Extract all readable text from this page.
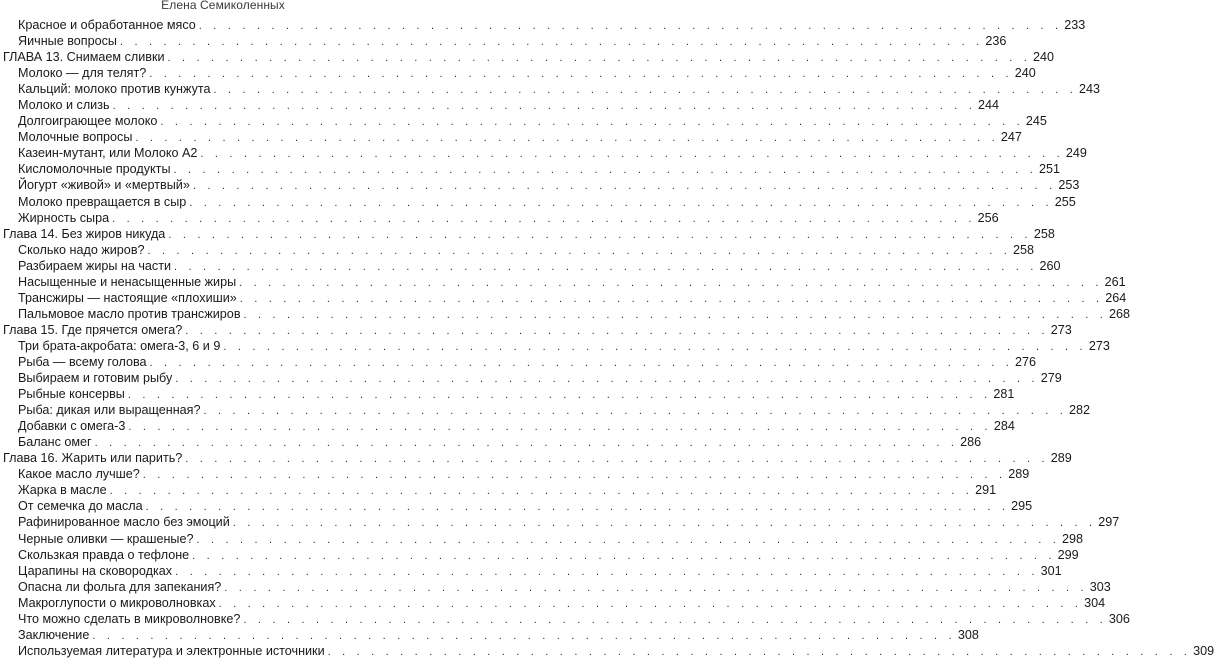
Елена Семиколенных
Красное и обработанное мясо . . . . . . . . . . . . . . . . . . . . . . . . . . . . . . . . . . . . . . . . . . . . . . . . . . . . . . . . . . . . 233
Яичные вопросы . . . . . . . . . . . . . . . . . . . . . . . . . . . . . . . . . . . . . . . . . . . . . . . . . . . . . . . . . . . . 236
ГЛАВА 13. Снимаем сливки . . . . . . . . . . . . . . . . . . . . . . . . . . . . . . . . . . . . . . . . . . . . . . . . . . . . . . . . . . . . 240
Молоко — для телят? . . . . . . . . . . . . . . . . . . . . . . . . . . . . . . . . . . . . . . . . . . . . . . . . . . . . . . . . . . . . 240
Кальций: молоко против кунжута . . . . . . . . . . . . . . . . . . . . . . . . . . . . . . . . . . . . . . . . . . . . . . . . . . . . . . . . . . . . 243
Молоко и слизь . . . . . . . . . . . . . . . . . . . . . . . . . . . . . . . . . . . . . . . . . . . . . . . . . . . . . . . . . . . . 244
Долгоиграющее молоко . . . . . . . . . . . . . . . . . . . . . . . . . . . . . . . . . . . . . . . . . . . . . . . . . . . . . . . . . . . . 245
Молочные вопросы . . . . . . . . . . . . . . . . . . . . . . . . . . . . . . . . . . . . . . . . . . . . . . . . . . . . . . . . . . . . 247
Казеин-мутант, или Молоко А2 . . . . . . . . . . . . . . . . . . . . . . . . . . . . . . . . . . . . . . . . . . . . . . . . . . . . . . . . . . . . 249
Кисломолочные продукты . . . . . . . . . . . . . . . . . . . . . . . . . . . . . . . . . . . . . . . . . . . . . . . . . . . . . . . . . . . . 251
Йогурт «живой» и «мертвый» . . . . . . . . . . . . . . . . . . . . . . . . . . . . . . . . . . . . . . . . . . . . . . . . . . . . . . . . . . . . 253
Молоко превращается в сыр . . . . . . . . . . . . . . . . . . . . . . . . . . . . . . . . . . . . . . . . . . . . . . . . . . . . . . . . . . . . 255
Жирность сыра . . . . . . . . . . . . . . . . . . . . . . . . . . . . . . . . . . . . . . . . . . . . . . . . . . . . . . . . . . . . 256
Глава 14. Без жиров никуда . . . . . . . . . . . . . . . . . . . . . . . . . . . . . . . . . . . . . . . . . . . . . . . . . . . . . . . . . . . . 258
Сколько надо жиров? . . . . . . . . . . . . . . . . . . . . . . . . . . . . . . . . . . . . . . . . . . . . . . . . . . . . . . . . . . . . 258
Разбираем жиры на части . . . . . . . . . . . . . . . . . . . . . . . . . . . . . . . . . . . . . . . . . . . . . . . . . . . . . . . . . . . . 260
Насыщенные и ненасыщенные жиры . . . . . . . . . . . . . . . . . . . . . . . . . . . . . . . . . . . . . . . . . . . . . . . . . . . . . . . . . . . . 261
Трансжиры — настоящие «плохиши» . . . . . . . . . . . . . . . . . . . . . . . . . . . . . . . . . . . . . . . . . . . . . . . . . . . . . . . . . . . . 264
Пальмовое масло против трансжиров . . . . . . . . . . . . . . . . . . . . . . . . . . . . . . . . . . . . . . . . . . . . . . . . . . . . . . . . . . . . 268
Глава 15. Где прячется омега? . . . . . . . . . . . . . . . . . . . . . . . . . . . . . . . . . . . . . . . . . . . . . . . . . . . . . . . . . . . . 273
Три брата-акробата: омега-3, 6 и 9 . . . . . . . . . . . . . . . . . . . . . . . . . . . . . . . . . . . . . . . . . . . . . . . . . . . . . . . . . . . . 273
Рыба — всему голова . . . . . . . . . . . . . . . . . . . . . . . . . . . . . . . . . . . . . . . . . . . . . . . . . . . . . . . . . . . . 276
Выбираем и готовим рыбу . . . . . . . . . . . . . . . . . . . . . . . . . . . . . . . . . . . . . . . . . . . . . . . . . . . . . . . . . . . . 279
Рыбные консервы . . . . . . . . . . . . . . . . . . . . . . . . . . . . . . . . . . . . . . . . . . . . . . . . . . . . . . . . . . . . 281
Рыба: дикая или выращенная? . . . . . . . . . . . . . . . . . . . . . . . . . . . . . . . . . . . . . . . . . . . . . . . . . . . . . . . . . . . . 282
Добавки с омега-3 . . . . . . . . . . . . . . . . . . . . . . . . . . . . . . . . . . . . . . . . . . . . . . . . . . . . . . . . . . . . 284
Баланс омег . . . . . . . . . . . . . . . . . . . . . . . . . . . . . . . . . . . . . . . . . . . . . . . . . . . . . . . . . . . . 286
Глава 16. Жарить или парить? . . . . . . . . . . . . . . . . . . . . . . . . . . . . . . . . . . . . . . . . . . . . . . . . . . . . . . . . . . . . 289
Какое масло лучше? . . . . . . . . . . . . . . . . . . . . . . . . . . . . . . . . . . . . . . . . . . . . . . . . . . . . . . . . . . . . 289
Жарка в масле . . . . . . . . . . . . . . . . . . . . . . . . . . . . . . . . . . . . . . . . . . . . . . . . . . . . . . . . . . . . 291
От семечка до масла . . . . . . . . . . . . . . . . . . . . . . . . . . . . . . . . . . . . . . . . . . . . . . . . . . . . . . . . . . . . 295
Рафинированное масло без эмоций . . . . . . . . . . . . . . . . . . . . . . . . . . . . . . . . . . . . . . . . . . . . . . . . . . . . . . . . . . . . 297
Черные оливки — крашеные? . . . . . . . . . . . . . . . . . . . . . . . . . . . . . . . . . . . . . . . . . . . . . . . . . . . . . . . . . . . . 298
Скользкая правда о тефлоне . . . . . . . . . . . . . . . . . . . . . . . . . . . . . . . . . . . . . . . . . . . . . . . . . . . . . . . . . . . . 299
Царапины на сковородках . . . . . . . . . . . . . . . . . . . . . . . . . . . . . . . . . . . . . . . . . . . . . . . . . . . . . . . . . . . . 301
Опасна ли фольга для запекания? . . . . . . . . . . . . . . . . . . . . . . . . . . . . . . . . . . . . . . . . . . . . . . . . . . . . . . . . . . . . 303
Макроглупости о микроволновках . . . . . . . . . . . . . . . . . . . . . . . . . . . . . . . . . . . . . . . . . . . . . . . . . . . . . . . . . . . . 304
Что можно сделать в микроволновке? . . . . . . . . . . . . . . . . . . . . . . . . . . . . . . . . . . . . . . . . . . . . . . . . . . . . . . . . . . . . 306
Заключение . . . . . . . . . . . . . . . . . . . . . . . . . . . . . . . . . . . . . . . . . . . . . . . . . . . . . . . . . . . . 308
Используемая литература и электронные источники . . . . . . . . . . . . . . . . . . . . . . . . . . . . . . . . . . . . . . . . . . . . . . . . . . . . . . . . . . . . 309
